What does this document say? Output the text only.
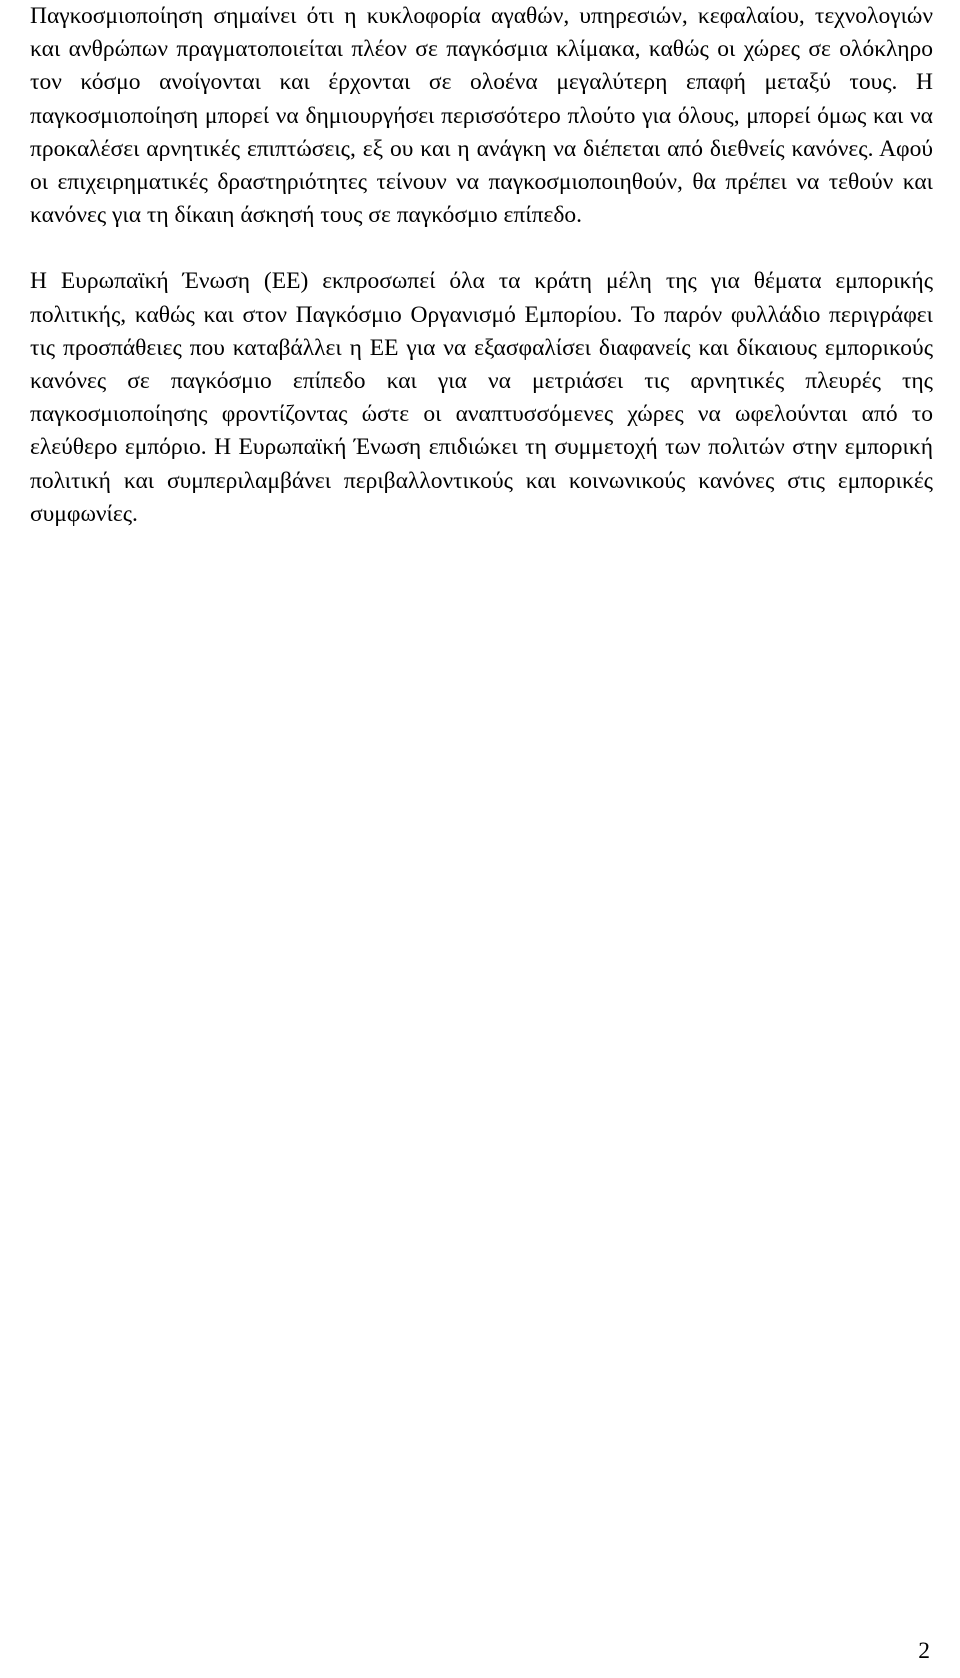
Παγκοσμιοποίηση σημαίνει ότι η κυκλοφορία αγαθών, υπηρεσιών, κεφαλαίου, τεχνολογιών και ανθρώπων πραγματοποιείται πλέον σε παγκόσμια κλίμακα, καθώς οι χώρες σε ολόκληρο τον κόσμο ανοίγονται και έρχονται σε ολοένα μεγαλύτερη επαφή μεταξύ τους. Η παγκοσμιοποίηση μπορεί να δημιουργήσει περισσότερο πλούτο για όλους, μπορεί όμως και να προκαλέσει αρνητικές επιπτώσεις, εξ ου και η ανάγκη να διέπεται από διεθνείς κανόνες. Αφού οι επιχειρηματικές δραστηριότητες τείνουν να παγκοσμιοποιηθούν, θα πρέπει να τεθούν και κανόνες για τη δίκαιη άσκησή τους σε παγκόσμιο επίπεδο.

Η Ευρωπαϊκή Ένωση (ΕΕ) εκπροσωπεί όλα τα κράτη μέλη της για θέματα εμπορικής πολιτικής, καθώς και στον Παγκόσμιο Οργανισμό Εμπορίου. Το παρόν φυλλάδιο περιγράφει τις προσπάθειες που καταβάλλει η ΕΕ για να εξασφαλίσει διαφανείς και δίκαιους εμπορικούς κανόνες σε παγκόσμιο επίπεδο και για να μετριάσει τις αρνητικές πλευρές της παγκοσμιοποίησης φροντίζοντας ώστε οι αναπτυσσόμενες χώρες να ωφελούνται από το ελεύθερο εμπόριο. Η Ευρωπαϊκή Ένωση επιδιώκει τη συμμετοχή των πολιτών στην εμπορική πολιτική και συμπεριλαμβάνει περιβαλλοντικούς και κοινωνικούς κανόνες στις εμπορικές συμφωνίες.

2
